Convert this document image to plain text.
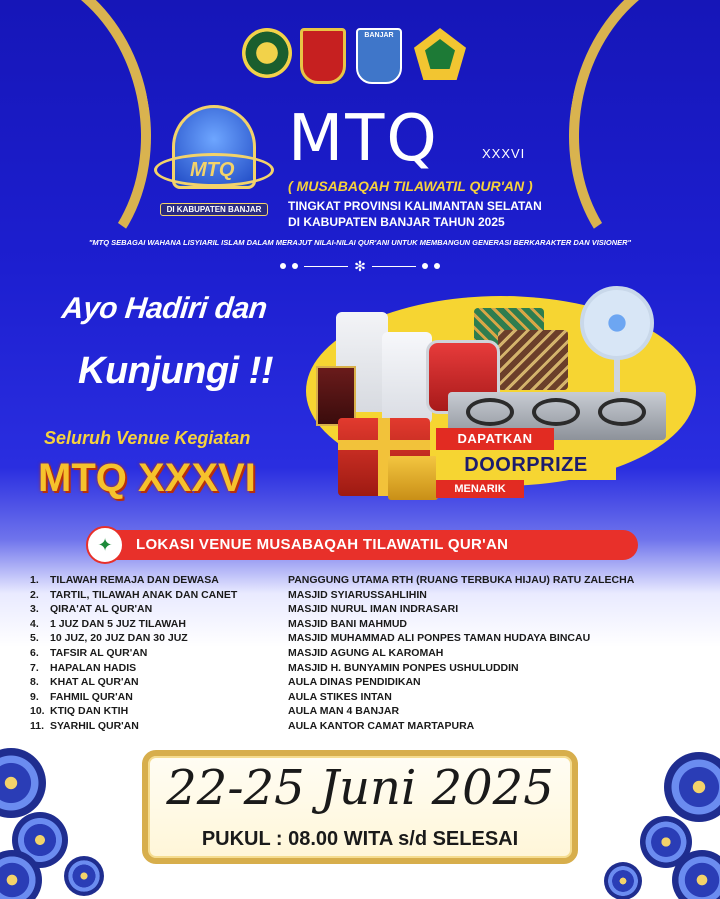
BANJAR
MTQ
DI KABUPATEN BANJAR
MTQ	XXXVI
( MUSABAQAH TILAWATIL QUR'AN )
TINGKAT PROVINSI KALIMANTAN SELATAN
DI KABUPATEN BANJAR TAHUN 2025
"MTQ SEBAGAI WAHANA LISYIARIL ISLAM DALAM MERAJUT NILAI-NILAI QUR'ANI UNTUK MEMBANGUN GENERASI BERKARAKTER DAN VISIONER"
✻
Ayo Hadiri dan
Kunjungi !!
Seluruh Venue Kegiatan
MTQ XXXVI
DAPATKAN
DOORPRIZE
MENARIK
✦	LOKASI VENUE MUSABAQAH TILAWATIL QUR'AN
1.	TILAWAH REMAJA DAN DEWASA	PANGGUNG UTAMA RTH (RUANG TERBUKA HIJAU) RATU ZALECHA
2.	TARTIL, TILAWAH ANAK DAN CANET	MASJID SYIARUSSAHLIHIN
3.	QIRA'AT AL QUR'AN	MASJID NURUL IMAN INDRASARI
4.	1 JUZ DAN 5 JUZ TILAWAH	MASJID BANI MAHMUD
5.	10 JUZ, 20 JUZ DAN 30 JUZ	MASJID MUHAMMAD ALI PONPES TAMAN HUDAYA BINCAU
6.	TAFSIR AL QUR'AN	MASJID AGUNG AL KAROMAH
7.	HAPALAN HADIS	MASJID H. BUNYAMIN PONPES USHULUDDIN
8.	KHAT AL QUR'AN	AULA DINAS PENDIDIKAN
9.	FAHMIL QUR'AN	AULA STIKES INTAN
10. KTIQ DAN KTIH	AULA MAN 4 BANJAR
11. SYARHIL QUR'AN	AULA KANTOR CAMAT MARTAPURA
22-25 Juni 2025
PUKUL : 08.00 WITA s/d SELESAI
